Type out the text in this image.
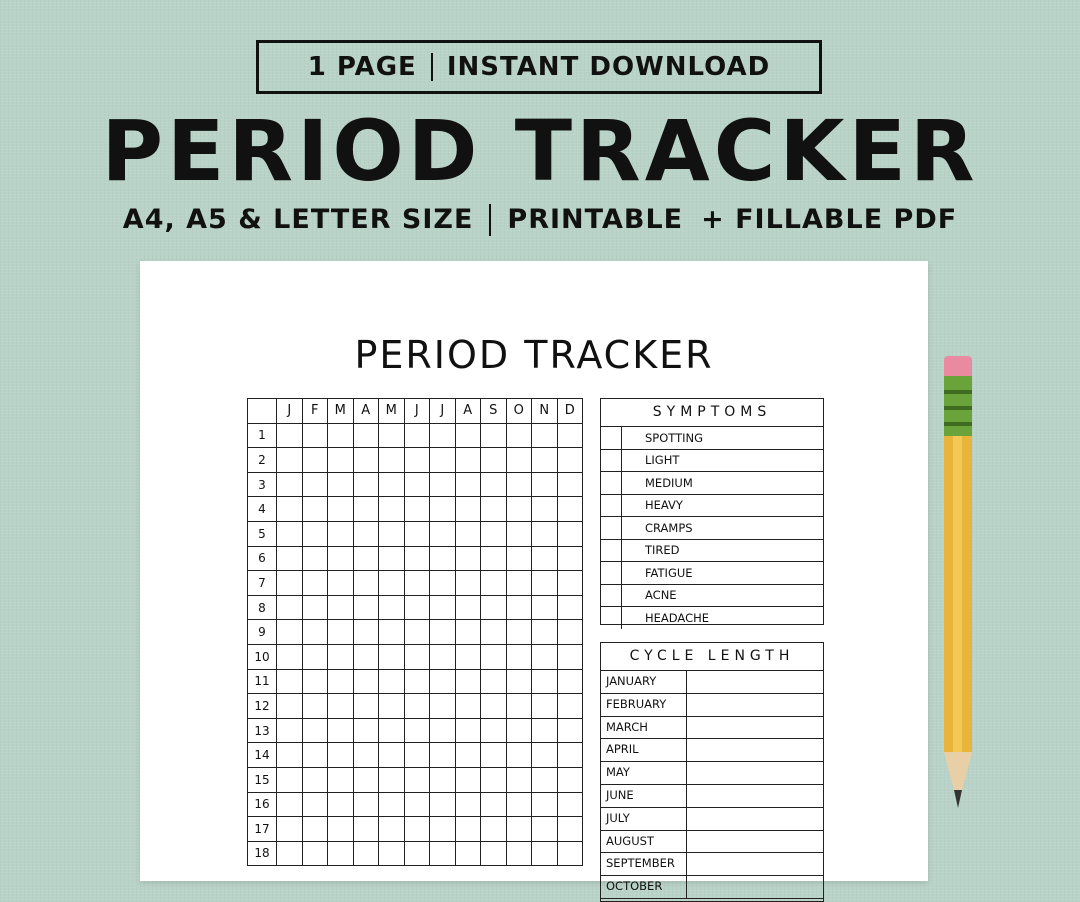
1 PAGE INSTANT DOWNLOAD
PERIOD TRACKER
A4, A5 & LETTER SIZE PRINTABLE + FILLABLE PDF
PERIOD TRACKER
	J	F	M	A	M	J	J	A	S	O	N	D
1												
2												
3												
4												
5												
6												
7												
8												
9												
10												
11												
12												
13												
14												
15												
16												
17												
18												
SYMPTOMS
SPOTTING
LIGHT
MEDIUM
HEAVY
CRAMPS
TIRED
FATIGUE
ACNE
HEADACHE
CYCLE LENGTH
JANUARY
FEBRUARY
MARCH
APRIL
MAY
JUNE
JULY
AUGUST
SEPTEMBER
OCTOBER
